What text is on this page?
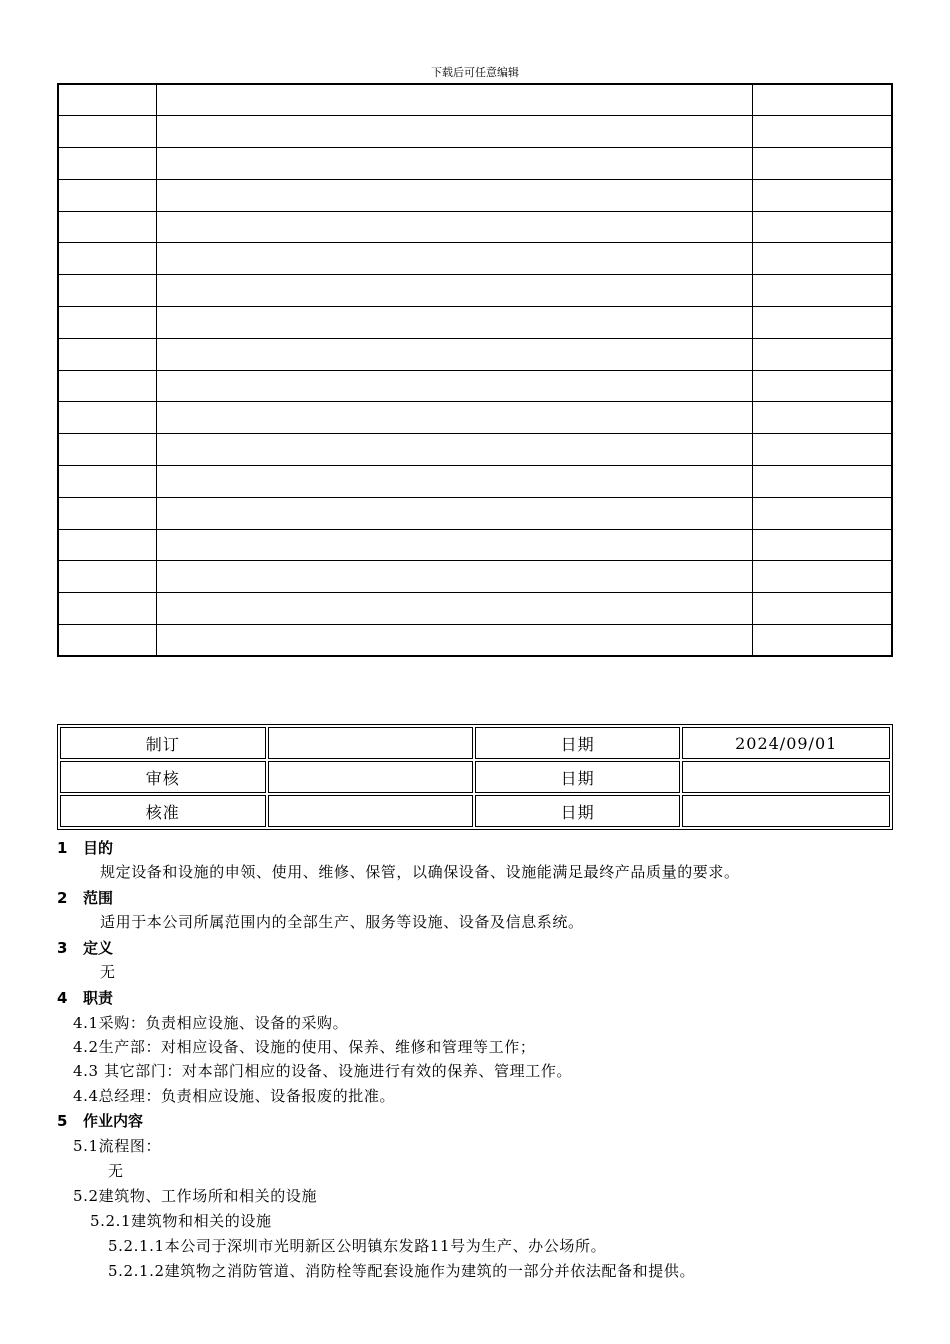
下载后可任意编辑

制订		日期	2024/09/01
审核		日期	
核准		日期	
1 目的
规定设备和设施的申领、使用、维修、保管，以确保设备、设施能满足最终产品质量的要求。
2 范围
适用于本公司所属范围内的全部生产、服务等设施、设备及信息系统。
3 定义
无
4 职责
4.1采购：负责相应设施、设备的采购。
4.2生产部：对相应设备、设施的使用、保养、维修和管理等工作；
4.3 其它部门：对本部门相应的设备、设施进行有效的保养、管理工作。
4.4总经理：负责相应设施、设备报废的批准。
5 作业内容
5.1流程图：
无
5.2建筑物、工作场所和相关的设施
5.2.1建筑物和相关的设施
5.2.1.1本公司于深圳市光明新区公明镇东发路11号为生产、办公场所。
5.2.1.2建筑物之消防管道、消防栓等配套设施作为建筑的一部分并依法配备和提供。
